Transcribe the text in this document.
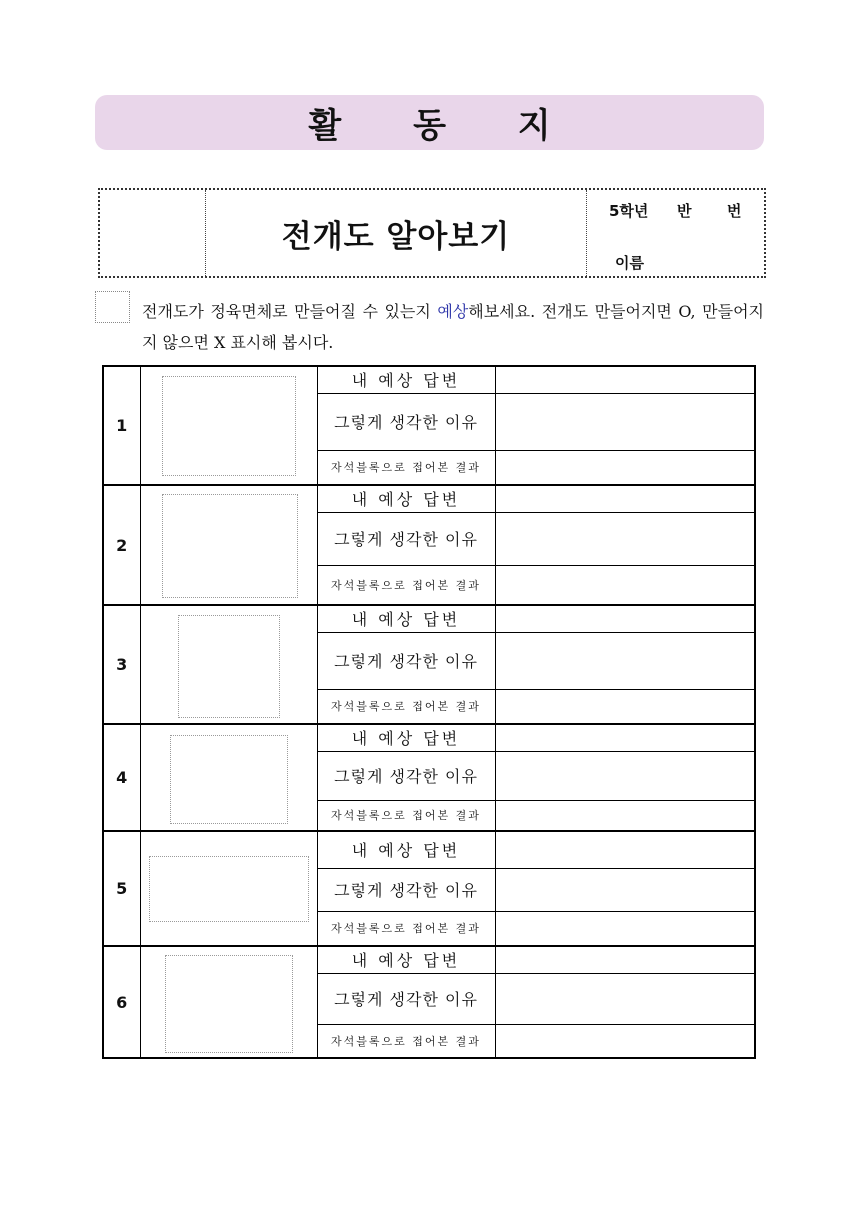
활 동 지
전개도 알아보기
5학년 반 번
이름
전개도가 정육면체로 만들어질 수 있는지 예상해보세요. 전개도 만들어지면 O, 만들어지지 않으면 X 표시해 봅시다.
1		내 예상 답변	
		그렇게 생각한 이유	
		자석블록으로 접어본 결과	
2		내 예상 답변	
		그렇게 생각한 이유	
		자석블록으로 접어본 결과	
3		내 예상 답변	
		그렇게 생각한 이유	
		자석블록으로 접어본 결과	
4		내 예상 답변	
		그렇게 생각한 이유	
		자석블록으로 접어본 결과	
5		내 예상 답변	
		그렇게 생각한 이유	
		자석블록으로 접어본 결과	
6		내 예상 답변	
		그렇게 생각한 이유	
		자석블록으로 접어본 결과	
